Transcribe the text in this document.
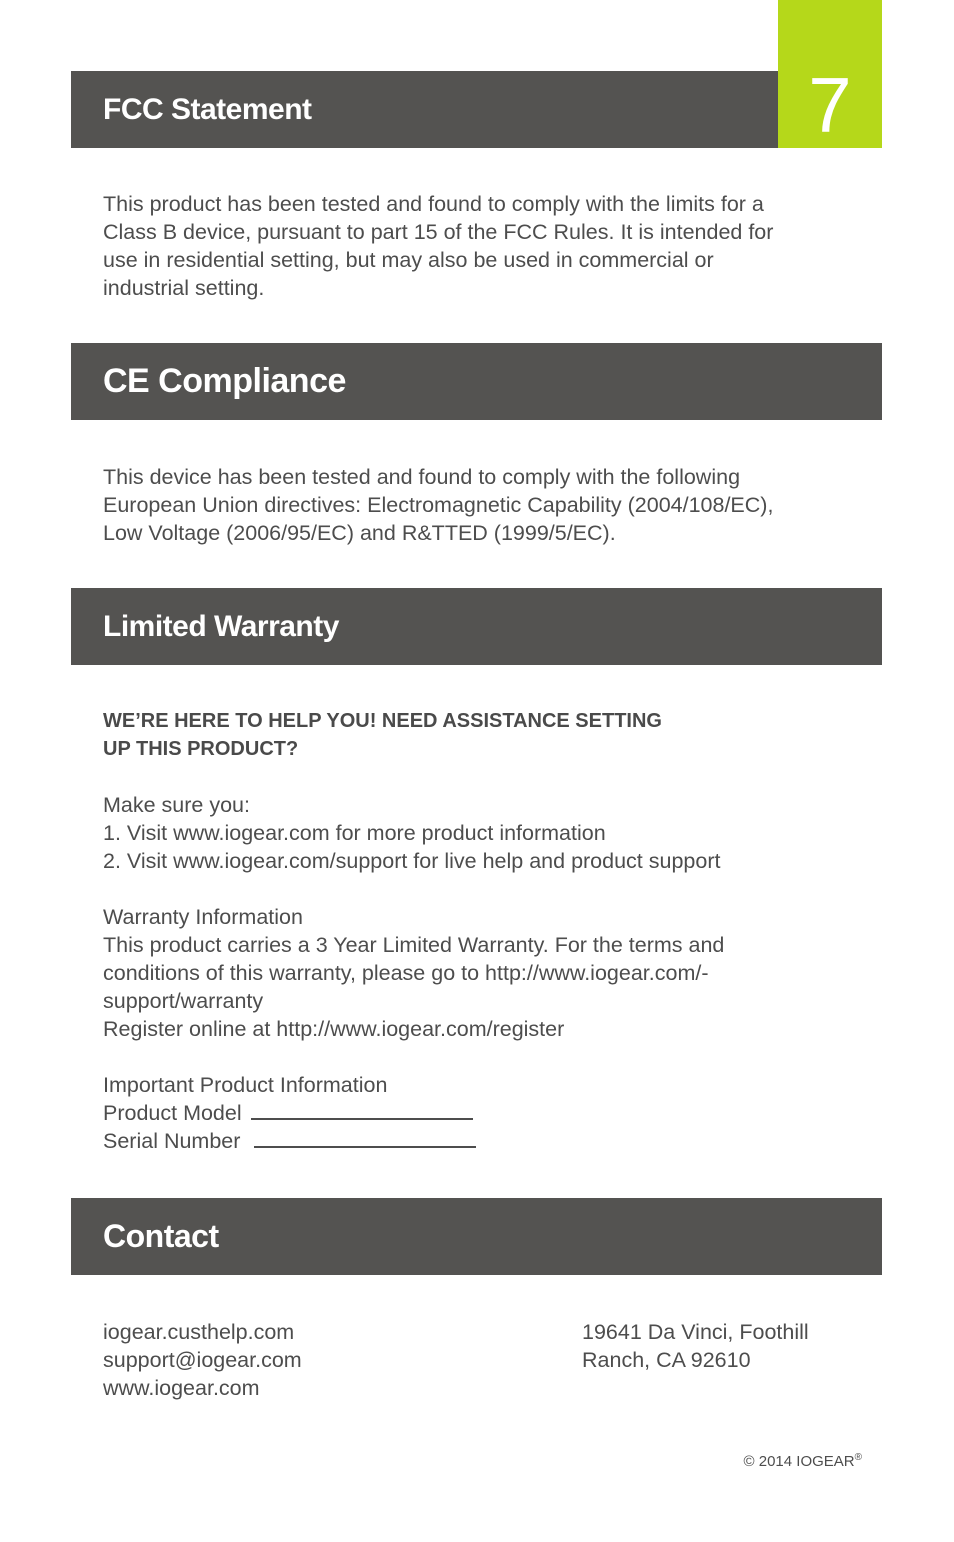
7
FCC Statement
This product has been tested and found to comply with the limits for a
Class B device, pursuant to part 15 of the FCC Rules. It is intended for
use in residential setting, but may also be used in commercial or
industrial setting.
CE Compliance
This device has been tested and found to comply with the following
European Union directives: Electromagnetic Capability (2004/108/EC),
Low Voltage (2006/95/EC) and R&TTED (1999/5/EC).
Limited Warranty
WE’RE HERE TO HELP YOU! NEED ASSISTANCE SETTING
UP THIS PRODUCT?
Make sure you:
1. Visit www.iogear.com for more product information
2. Visit www.iogear.com/support for live help and product support
Warranty Information
This product carries a 3 Year Limited Warranty. For the terms and
conditions of this warranty, please go to http://www.iogear.com/-
support/warranty
Register online at http://www.iogear.com/register
Important Product Information
Product Model
Serial Number
Contact
iogear.custhelp.com
support@iogear.com
www.iogear.com
19641 Da Vinci, Foothill
Ranch, CA 92610
© 2014 IOGEAR®
